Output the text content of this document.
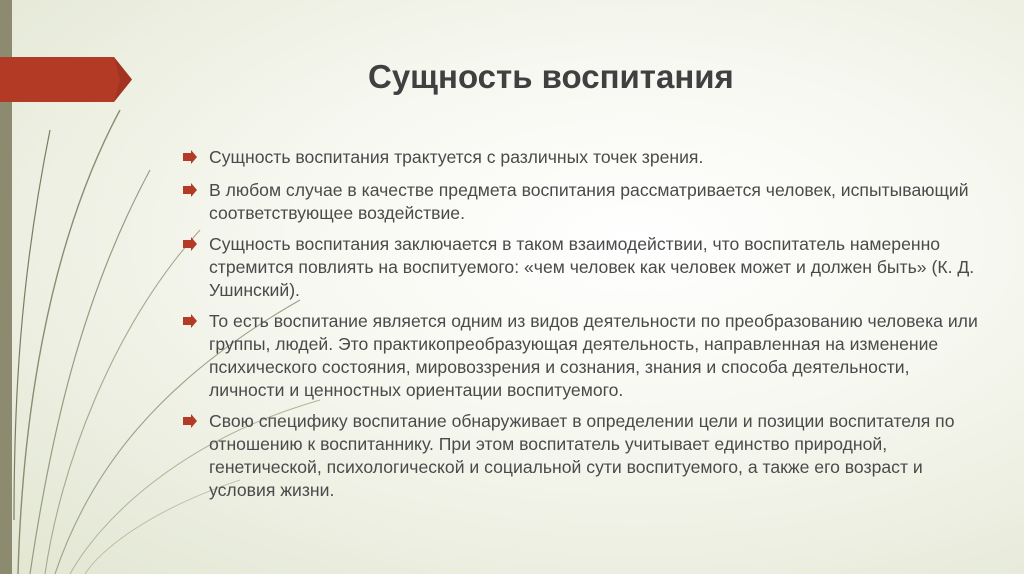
Сущность воспитания
Сущность воспитания трактуется с различных точек зрения.
В любом случае в качестве предмета воспитания рассматривается человек, испытывающий соответствующее воздействие.
Сущность воспитания заключается в таком взаимодействии, что воспитатель намеренно стремится повлиять на воспитуемого: «чем человек как человек может и должен быть» (К. Д. Ушинский).
То есть воспитание является одним из видов деятельности по преобразованию человека или группы, людей. Это практикопреобразующая деятельность, направленная на изменение психического состояния, мировоззрения и сознания, знания и способа деятельности, личности и ценностных ориентации воспитуемого.
Свою специфику воспитание обнаруживает в определении цели и позиции воспитателя по отношению к воспитаннику. При этом воспитатель учитывает единство природной, генетической, психологической и социальной сути воспитуемого, а также его возраст и условия жизни.
